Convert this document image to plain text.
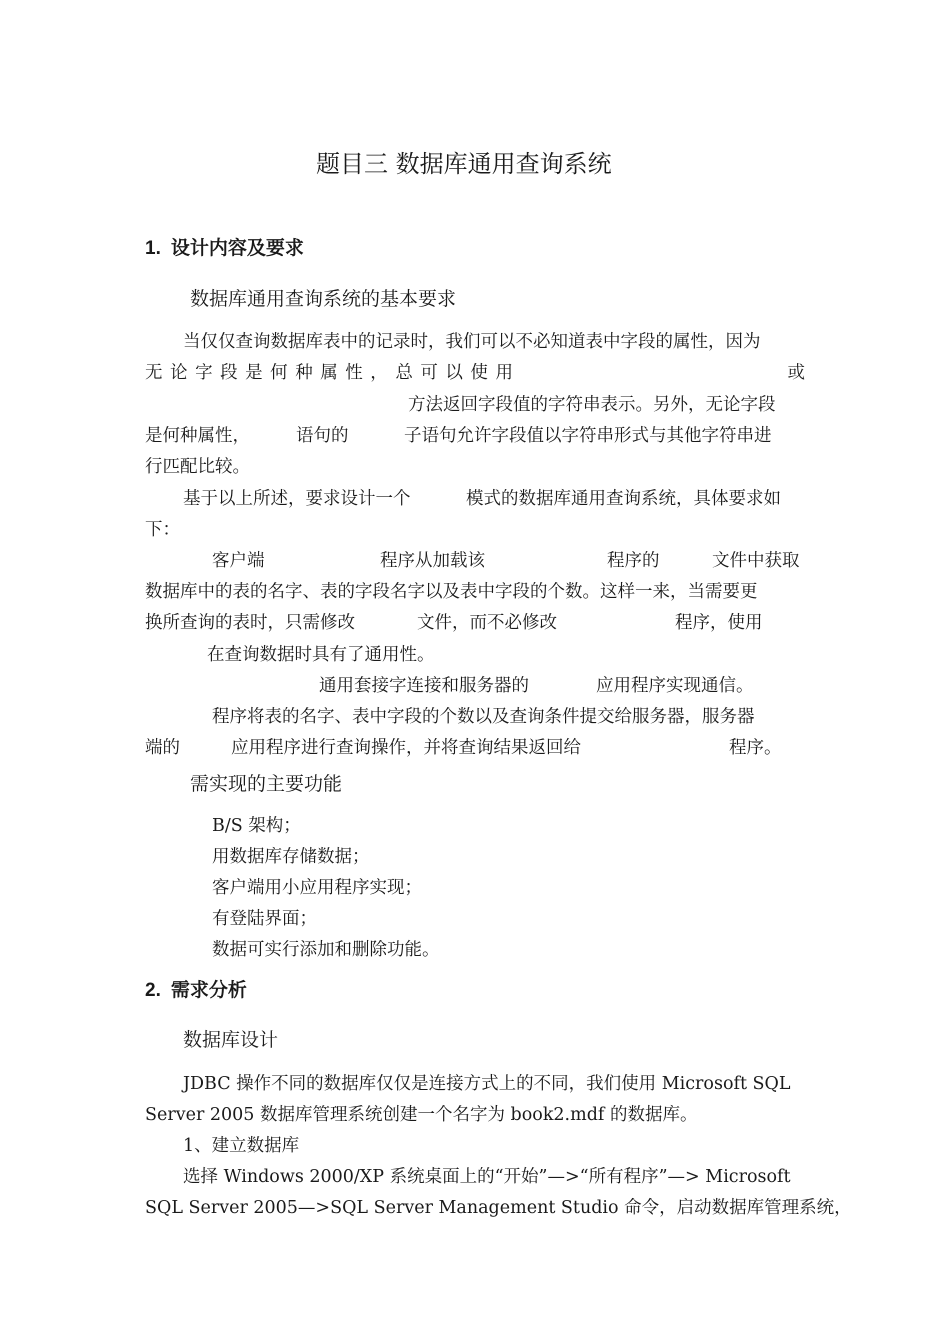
题目三 数据库通用查询系统
1. 设计内容及要求
数据库通用查询系统的基本要求
当仅仅查询数据库表中的记录时，我们可以不必知道表中字段的属性，因为
无 论 字 段 是 何 种 属 性 ， 总 可 以 使 用	或
方法返回字段值的字符串表示。另外，无论字段
是何种属性，	语句的	子语句允许字段值以字符串形式与其他字符串进
行匹配比较。
基于以上所述，要求设计一个	模式的数据库通用查询系统，具体要求如
下：
客户端	程序从加载该	程序的	文件中获取
数据库中的表的名字、表的字段名字以及表中字段的个数。这样一来，当需要更
换所查询的表时，只需修改	文件，而不必修改	程序，使用
在查询数据时具有了通用性。
通用套接字连接和服务器的	应用程序实现通信。
程序将表的名字、表中字段的个数以及查询条件提交给服务器，服务器
端的	应用程序进行查询操作，并将查询结果返回给	程序。
需实现的主要功能
B/S 架构；
用数据库存储数据；
客户端用小应用程序实现；
有登陆界面；
数据可实行添加和删除功能。
2. 需求分析
数据库设计
JDBC 操作不同的数据库仅仅是连接方式上的不同，我们使用 Microsoft SQL
Server 2005 数据库管理系统创建一个名字为 book2.mdf 的数据库。
1、建立数据库
选择 Windows 2000/XP 系统桌面上的“开始”—>“所有程序”—> Microsoft
SQL Server 2005—>SQL Server Management Studio 命令，启动数据库管理系统，
